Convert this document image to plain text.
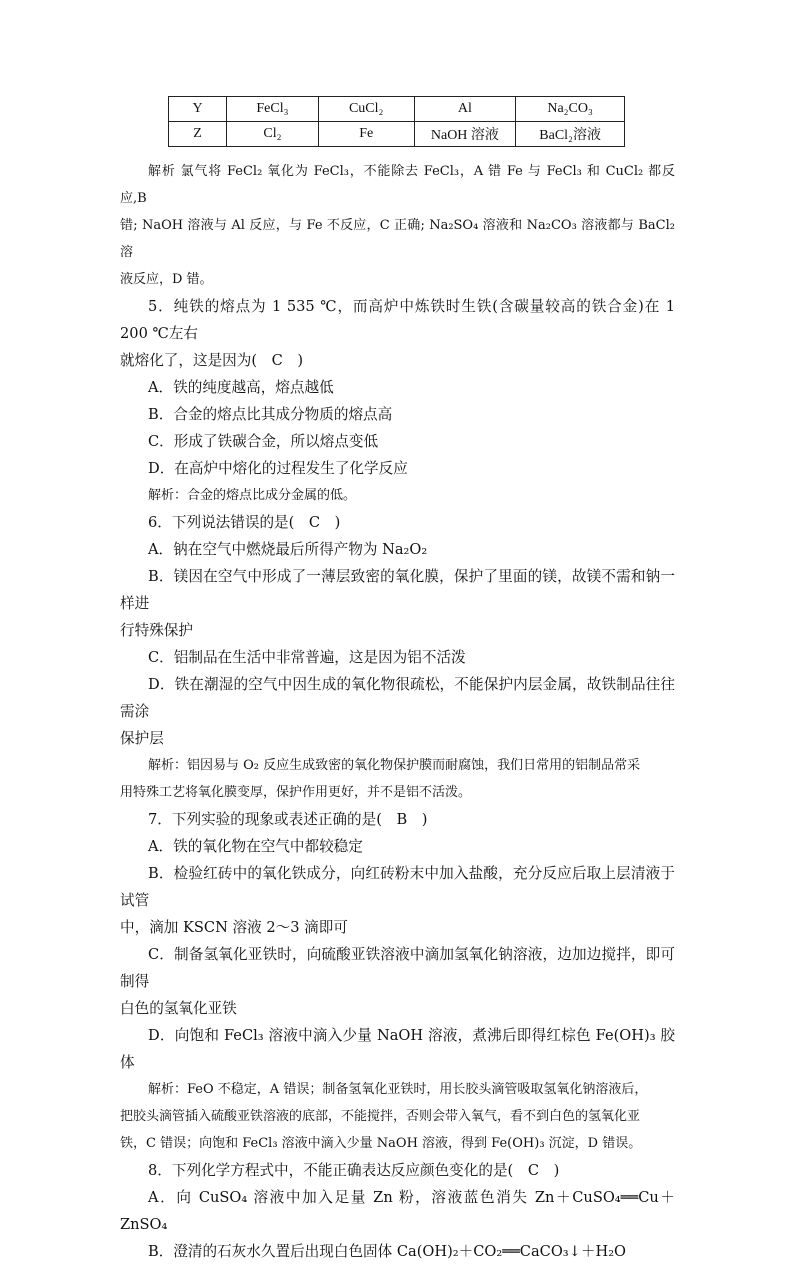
Y	FeCl₃	CuCl₂	Al	Na₂CO₃
Z	Cl₂	Fe	NaOH 溶液	BaCl₂溶液

解析 氯气将 FeCl₂ 氧化为 FeCl₃，不能除去 FeCl₃，A 错 Fe 与 FeCl₃ 和 CuCl₂ 都反应,B

错; NaOH 溶液与 Al 反应，与 Fe 不反应，C 正确; Na₂SO₄ 溶液和 Na₂CO₃ 溶液都与 BaCl₂ 溶

液反应，D 错。

5．纯铁的熔点为 1 535 ℃，而高炉中炼铁时生铁(含碳量较高的铁合金)在 1 200 ℃左右

就熔化了，这是因为(　C　)

A．铁的纯度越高，熔点越低

B．合金的熔点比其成分物质的熔点高

C．形成了铁碳合金，所以熔点变低

D．在高炉中熔化的过程发生了化学反应

解析：合金的熔点比成分金属的低。

6．下列说法错误的是(　C　)

A．钠在空气中燃烧最后所得产物为 Na₂O₂

B．镁因在空气中形成了一薄层致密的氧化膜，保护了里面的镁，故镁不需和钠一样进

行特殊保护

C．铝制品在生活中非常普遍，这是因为铝不活泼

D．铁在潮湿的空气中因生成的氧化物很疏松，不能保护内层金属，故铁制品往往需涂

保护层

解析：铝因易与 O₂ 反应生成致密的氧化物保护膜而耐腐蚀，我们日常用的铝制品常采

用特殊工艺将氧化膜变厚，保护作用更好，并不是铝不活泼。

7．下列实验的现象或表述正确的是(　B　)

A．铁的氧化物在空气中都较稳定

B．检验红砖中的氧化铁成分，向红砖粉末中加入盐酸，充分反应后取上层清液于试管

中，滴加 KSCN 溶液 2～3 滴即可

C．制备氢氧化亚铁时，向硫酸亚铁溶液中滴加氢氧化钠溶液，边加边搅拌，即可制得

白色的氢氧化亚铁

D．向饱和 FeCl₃ 溶液中滴入少量 NaOH 溶液，煮沸后即得红棕色 Fe(OH)₃ 胶体

解析：FeO 不稳定，A 错误；制备氢氧化亚铁时，用长胶头滴管吸取氢氧化钠溶液后，

把胶头滴管插入硫酸亚铁溶液的底部，不能搅拌，否则会带入氧气，看不到白色的氢氧化亚

铁，C 错误；向饱和 FeCl₃ 溶液中滴入少量 NaOH 溶液，得到 Fe(OH)₃ 沉淀，D 错误。

8．下列化学方程式中，不能正确表达反应颜色变化的是(　C　)

A．向 CuSO₄ 溶液中加入足量 Zn 粉，溶液蓝色消失 Zn＋CuSO₄══Cu＋ZnSO₄

B．澄清的石灰水久置后出现白色固体 Ca(OH)₂＋CO₂══CaCO₃↓＋H₂O
